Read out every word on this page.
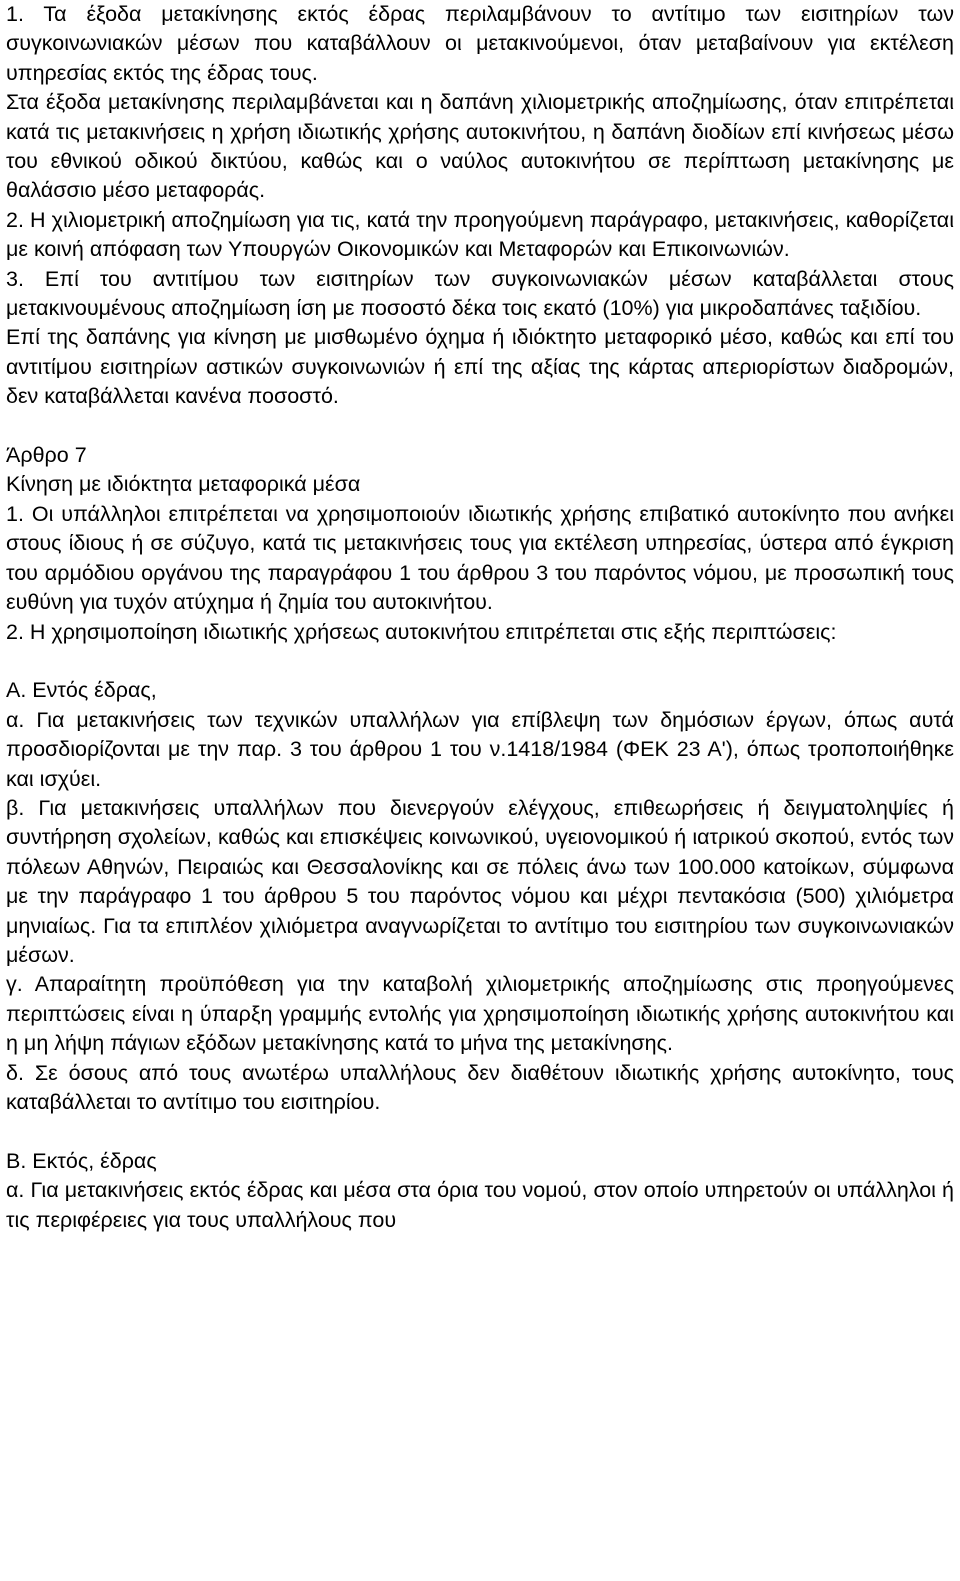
1. Τα έξοδα μετακίνησης εκτός έδρας περιλαμβάνουν το αντίτιμο των εισιτηρίων των συγκοινωνιακών μέσων που καταβάλλουν οι μετακινούμενοι, όταν μεταβαίνουν για εκτέλεση υπηρεσίας εκτός της έδρας τους.

Στα έξοδα μετακίνησης περιλαμβάνεται και η δαπάνη χιλιομετρικής αποζημίωσης, όταν επιτρέπεται κατά τις μετακινήσεις η χρήση ιδιωτικής χρήσης αυτοκινήτου, η δαπάνη διοδίων επί κινήσεως μέσω του εθνικού οδικού δικτύου, καθώς και ο ναύλος αυτοκινήτου σε περίπτωση μετακίνησης με θαλάσσιο μέσο μεταφοράς.

2. Η χιλιομετρική αποζημίωση για τις, κατά την προηγούμενη παράγραφο, μετακινήσεις, καθορίζεται με κοινή απόφαση των Υπουργών Οικονομικών και Μεταφορών και Επικοινωνιών.

3. Επί του αντιτίμου των εισιτηρίων των συγκοινωνιακών μέσων καταβάλλεται στους μετακινουμένους αποζημίωση ίση με ποσοστό δέκα τοις εκατό (10%) για μικροδαπάνες ταξιδίου.

Επί της δαπάνης για κίνηση με μισθωμένο όχημα ή ιδιόκτητο μεταφορικό μέσο, καθώς και επί του αντιτίμου εισιτηρίων αστικών συγκοινωνιών ή επί της αξίας της κάρτας απεριορίστων διαδρομών, δεν καταβάλλεται κανένα ποσοστό.

Άρθρο 7

Κίνηση με ιδιόκτητα μεταφορικά μέσα

1. Οι υπάλληλοι επιτρέπεται να χρησιμοποιούν ιδιωτικής χρήσης επιβατικό αυτοκίνητο που ανήκει στους ίδιους ή σε σύζυγο, κατά τις μετακινήσεις τους για εκτέλεση υπηρεσίας, ύστερα από έγκριση του αρμόδιου οργάνου της παραγράφου 1 του άρθρου 3 του παρόντος νόμου, με προσωπική τους ευθύνη για τυχόν ατύχημα ή ζημία του αυτοκινήτου.

2. Η χρησιμοποίηση ιδιωτικής χρήσεως αυτοκινήτου επιτρέπεται στις εξής περιπτώσεις:

Α. Εντός έδρας,

α. Για μετακινήσεις των τεχνικών υπαλλήλων για επίβλεψη των δημόσιων έργων, όπως αυτά προσδιορίζονται με την παρ. 3 του άρθρου 1 του ν.1418/1984 (ΦΕΚ 23 Α'), όπως τροποποιήθηκε και ισχύει.

β. Για μετακινήσεις υπαλλήλων που διενεργούν ελέγχους, επιθεωρήσεις ή δειγματοληψίες ή συντήρηση σχολείων, καθώς και επισκέψεις κοινωνικού, υγειονομικού ή ιατρικού σκοπού, εντός των πόλεων Αθηνών, Πειραιώς και Θεσσαλονίκης και σε πόλεις άνω των 100.000 κατοίκων, σύμφωνα με την παράγραφο 1 του άρθρου 5 του παρόντος νόμου και μέχρι πεντακόσια (500) χιλιόμετρα μηνιαίως. Για τα επιπλέον χιλιόμετρα αναγνωρίζεται το αντίτιμο του εισιτηρίου των συγκοινωνιακών μέσων.

γ. Απαραίτητη προϋπόθεση για την καταβολή χιλιομετρικής αποζημίωσης στις προηγούμενες περιπτώσεις είναι η ύπαρξη γραμμής εντολής για χρησιμοποίηση ιδιωτικής χρήσης αυτοκινήτου και η μη λήψη πάγιων εξόδων μετακίνησης κατά το μήνα της μετακίνησης.

δ. Σε όσους από τους ανωτέρω υπαλλήλους δεν διαθέτουν ιδιωτικής χρήσης αυτοκίνητο, τους καταβάλλεται το αντίτιμο του εισιτηρίου.

Β. Εκτός, έδρας

α. Για μετακινήσεις εκτός έδρας και μέσα στα όρια του νομού, στον οποίο υπηρετούν οι υπάλληλοι ή τις περιφέρειες για τους υπαλλήλους που
